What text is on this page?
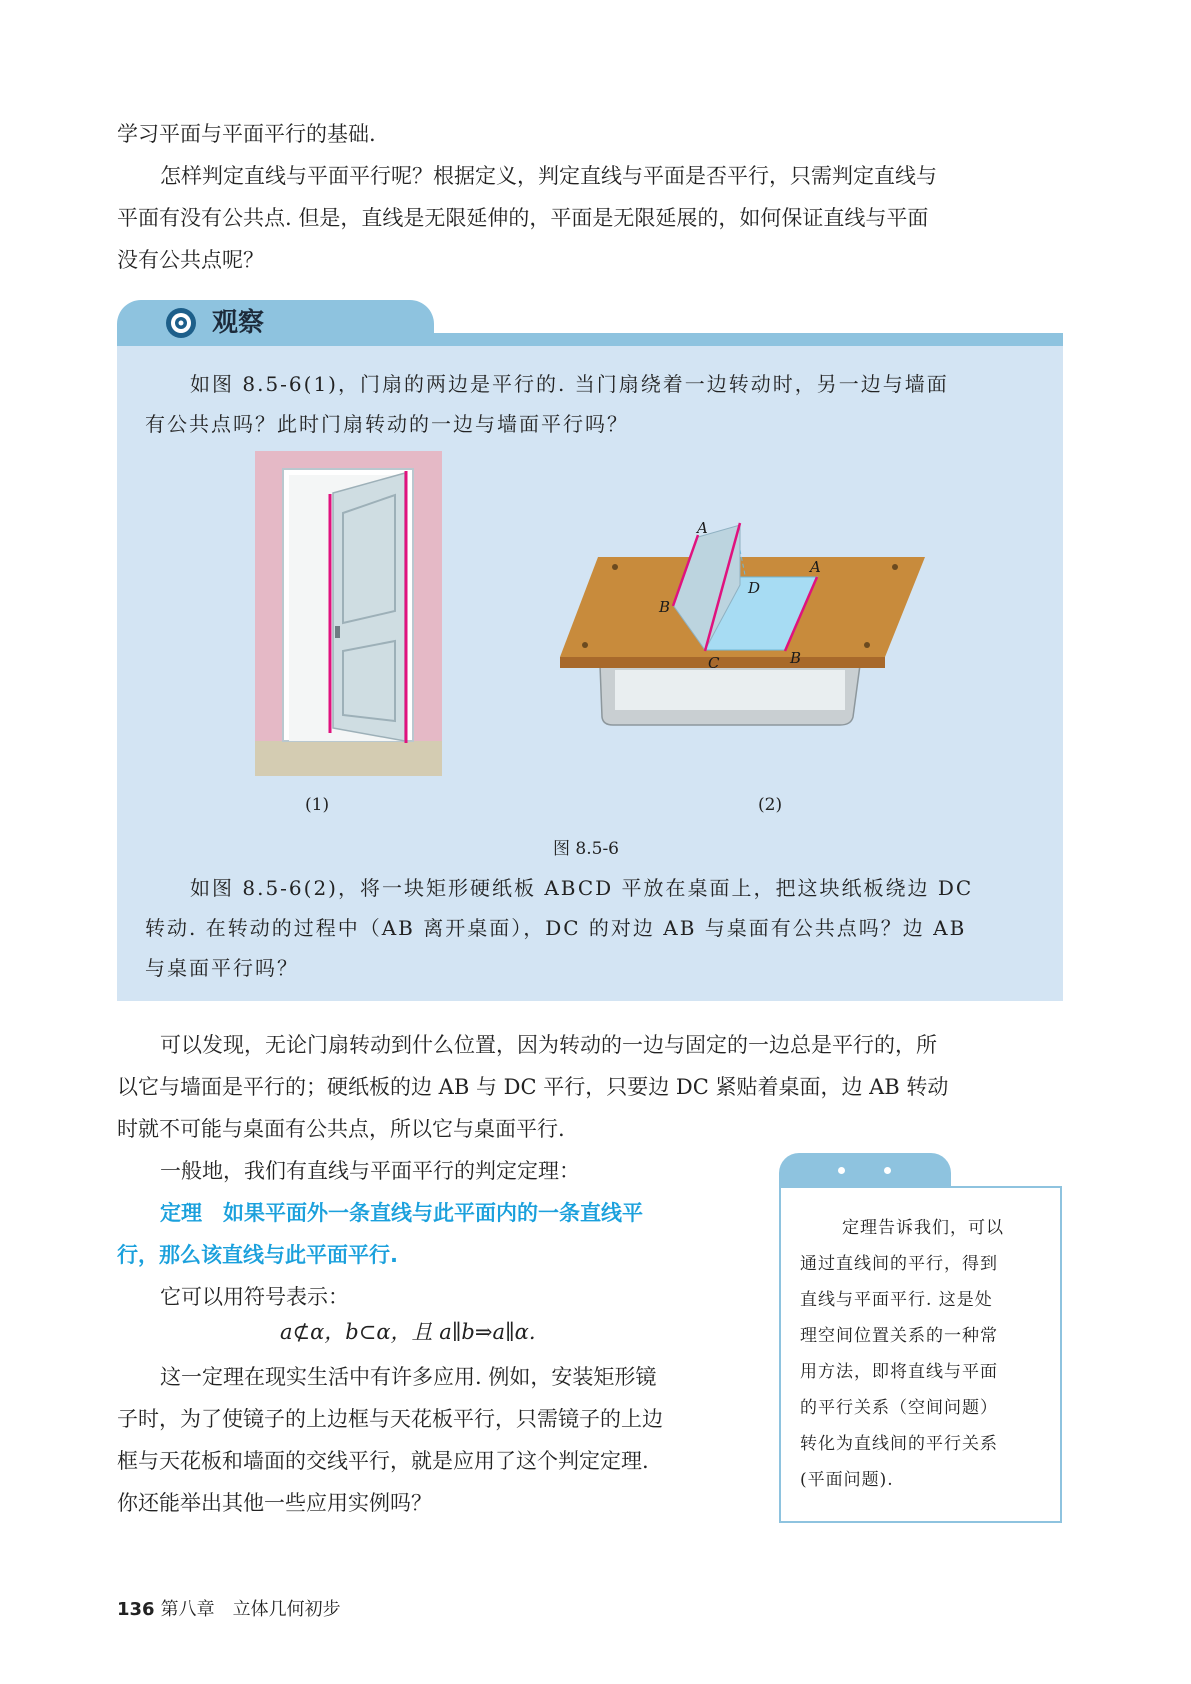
学习平面与平面平行的基础.

怎样判定直线与平面平行呢？根据定义，判定直线与平面是否平行，只需判定直线与

平面有没有公共点. 但是，直线是无限延伸的，平面是无限延展的，如何保证直线与平面

没有公共点呢？

观察

如图 8.5-6(1)，门扇的两边是平行的. 当门扇绕着一边转动时，另一边与墙面

有公共点吗？此时门扇转动的一边与墙面平行吗？

A
A
B
B
C
D
(1)	(2)
图 8.5-6

如图 8.5-6(2)，将一块矩形硬纸板 ABCD 平放在桌面上，把这块纸板绕边 DC

转动. 在转动的过程中（AB 离开桌面），DC 的对边 AB 与桌面有公共点吗？边 AB

与桌面平行吗？

可以发现，无论门扇转动到什么位置，因为转动的一边与固定的一边总是平行的，所

以它与墙面是平行的；硬纸板的边 AB 与 DC 平行，只要边 DC 紧贴着桌面，边 AB 转动

时就不可能与桌面有公共点，所以它与桌面平行.

一般地，我们有直线与平面平行的判定定理：

定理　如果平面外一条直线与此平面内的一条直线平

行，那么该直线与此平面平行.

它可以用符号表示：

a⊄α，b⊂α，且 a∥b⇒a∥α.

这一定理在现实生活中有许多应用. 例如，安装矩形镜

子时，为了使镜子的上边框与天花板平行，只需镜子的上边

框与天花板和墙面的交线平行，就是应用了这个判定定理.

你还能举出其他一些应用实例吗？

定理告诉我们，可以
通过直线间的平行，得到
直线与平面平行. 这是处
理空间位置关系的一种常
用方法，即将直线与平面
的平行关系（空间问题）
转化为直线间的平行关系
(平面问题).
136 第八章　立体几何初步
